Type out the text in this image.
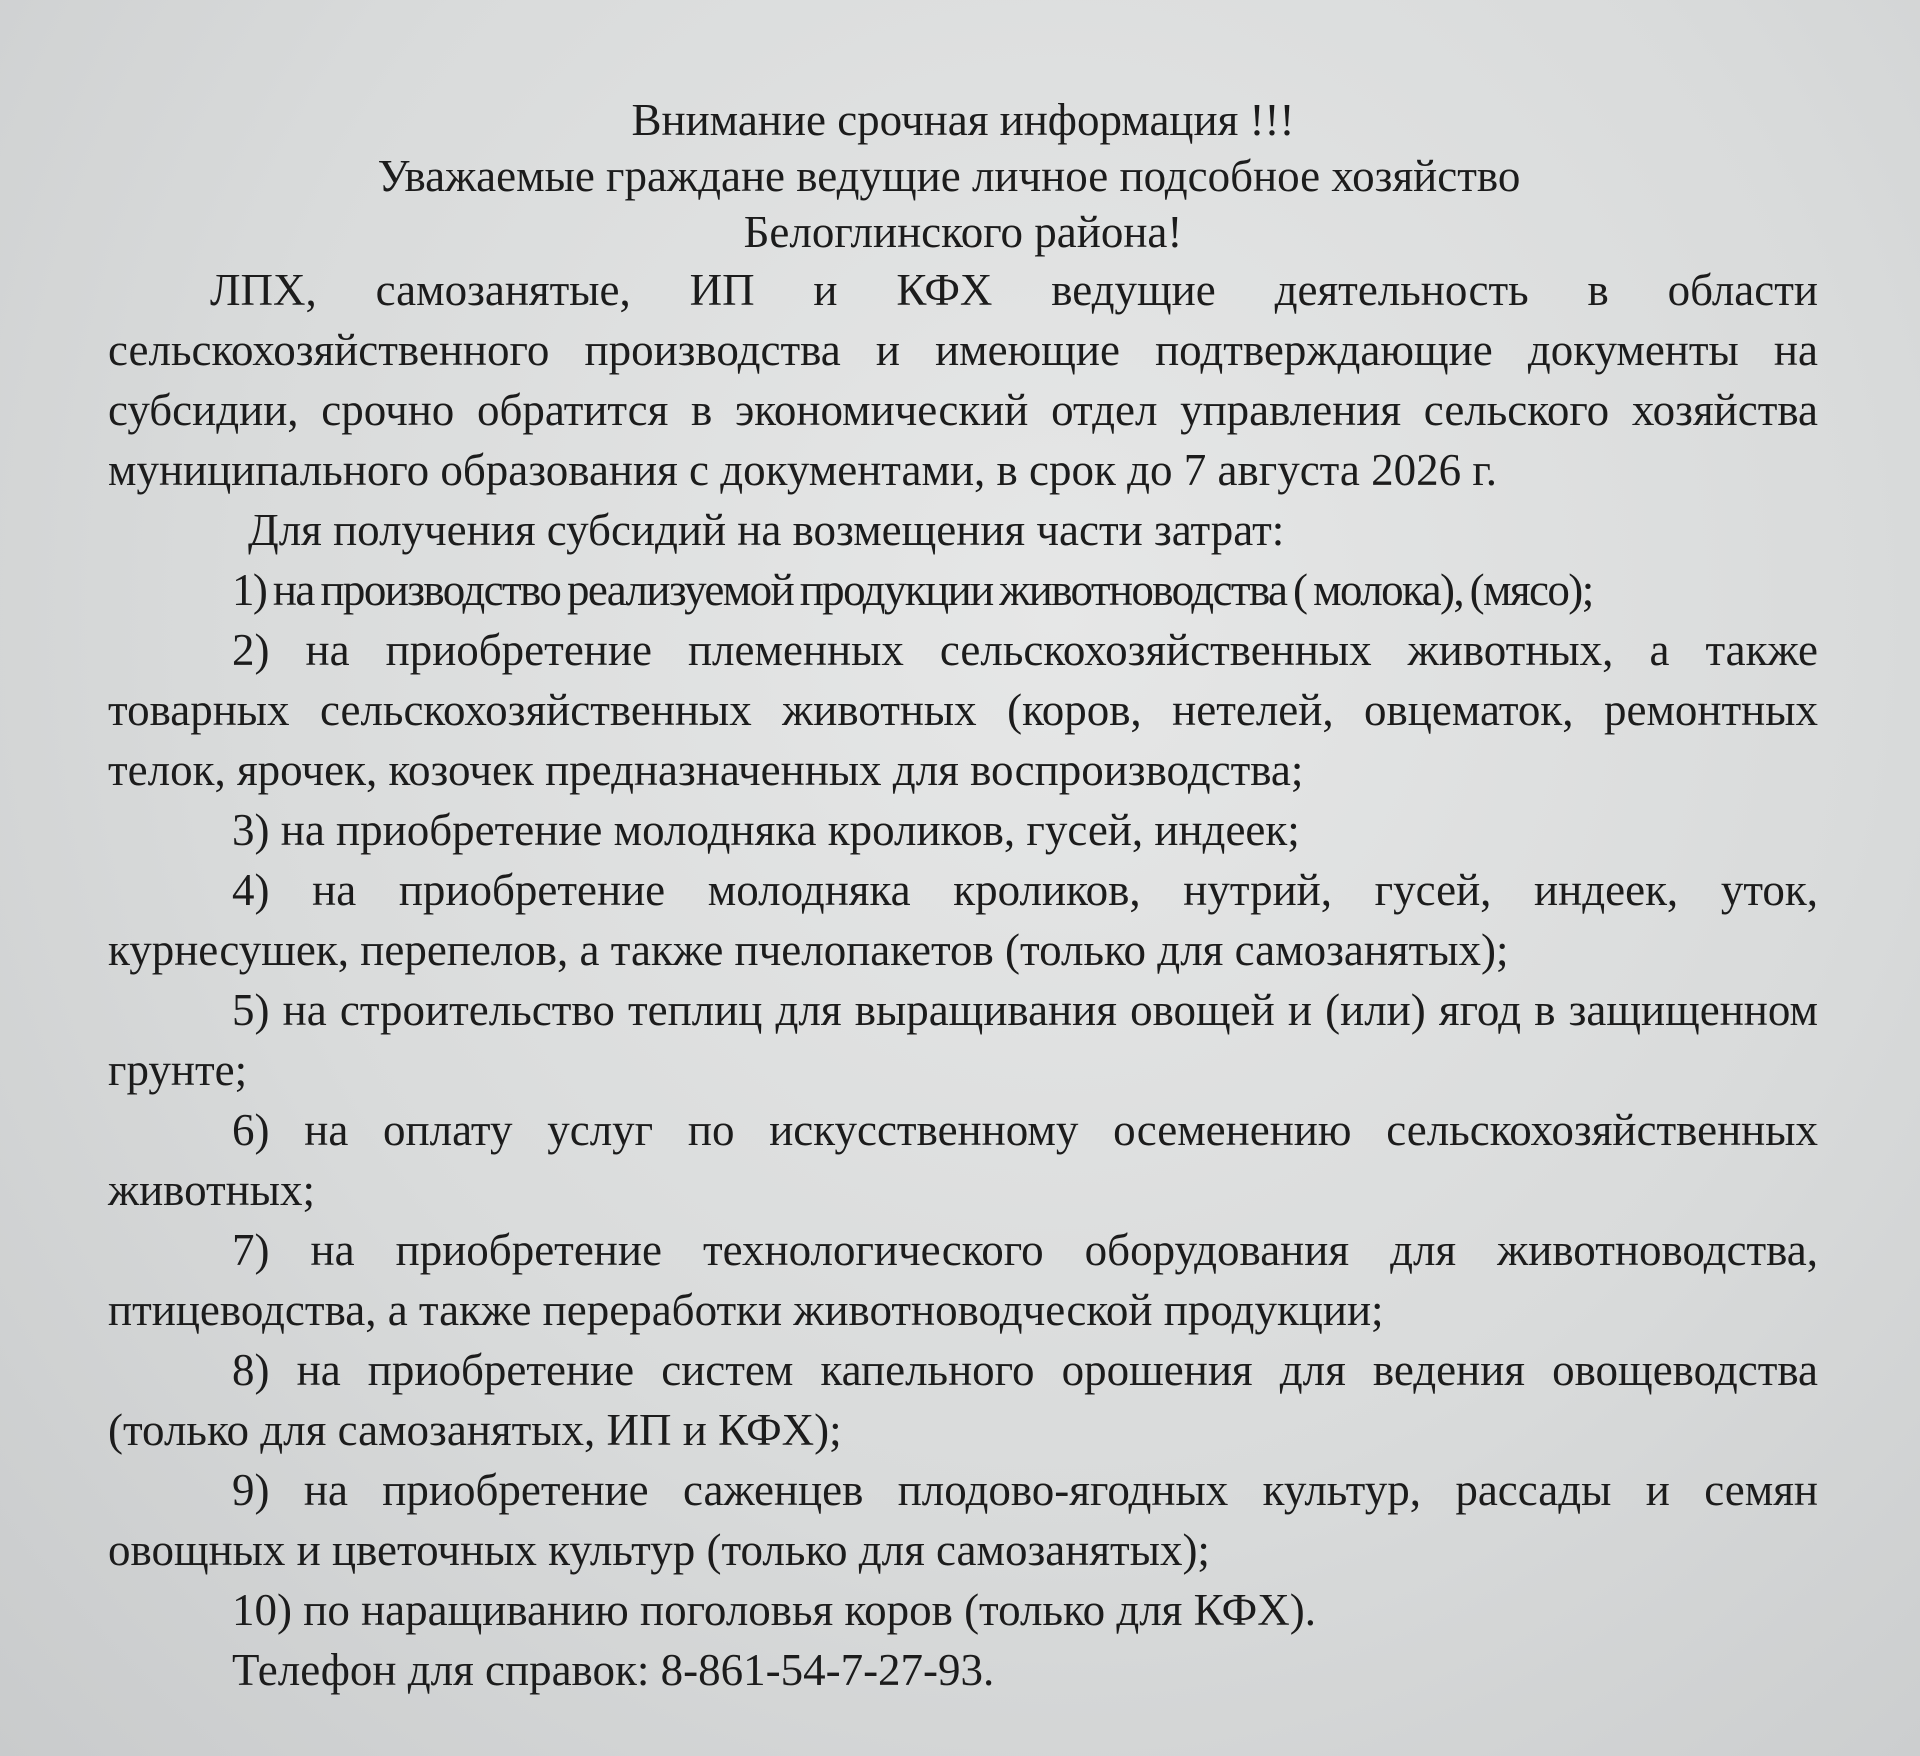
Внимание срочная информация !!!

Уважаемые граждане ведущие личное подсобное хозяйство

Белоглинского района!

ЛПХ, самозанятые, ИП и КФХ ведущие деятельность в области сельскохозяйственного производства и имеющие подтверждающие документы на субсидии, срочно обратится в экономический отдел управления сельского хозяйства муниципального образования с документами, в срок до 7 августа 2026 г.

Для получения субсидий на возмещения части затрат:

1) на производство реализуемой продукции животноводства ( молока), (мясо);

2) на приобретение племенных сельскохозяйственных животных, а также товарных сельскохозяйственных животных (коров, нетелей, овцематок, ремонтных телок, ярочек, козочек предназначенных для воспроизводства;

3) на приобретение молодняка кроликов, гусей, индеек;

4) на приобретение молодняка кроликов, нутрий, гусей, индеек, уток, курнесушек, перепелов, а также пчелопакетов (только для самозанятых);

5) на строительство теплиц для выращивания овощей и (или) ягод в защищенном грунте;

6) на оплату услуг по искусственному осеменению сельскохозяйственных животных;

7) на приобретение технологического оборудования для животноводства, птицеводства, а также переработки животноводческой продукции;

8) на приобретение систем капельного орошения для ведения овощеводства (только для самозанятых, ИП и КФХ);

9) на приобретение саженцев плодово-ягодных культур, рассады и семян овощных и цветочных культур (только для самозанятых);

10) по наращиванию поголовья коров (только для КФХ).

Телефон для справок: 8-861-54-7-27-93.
